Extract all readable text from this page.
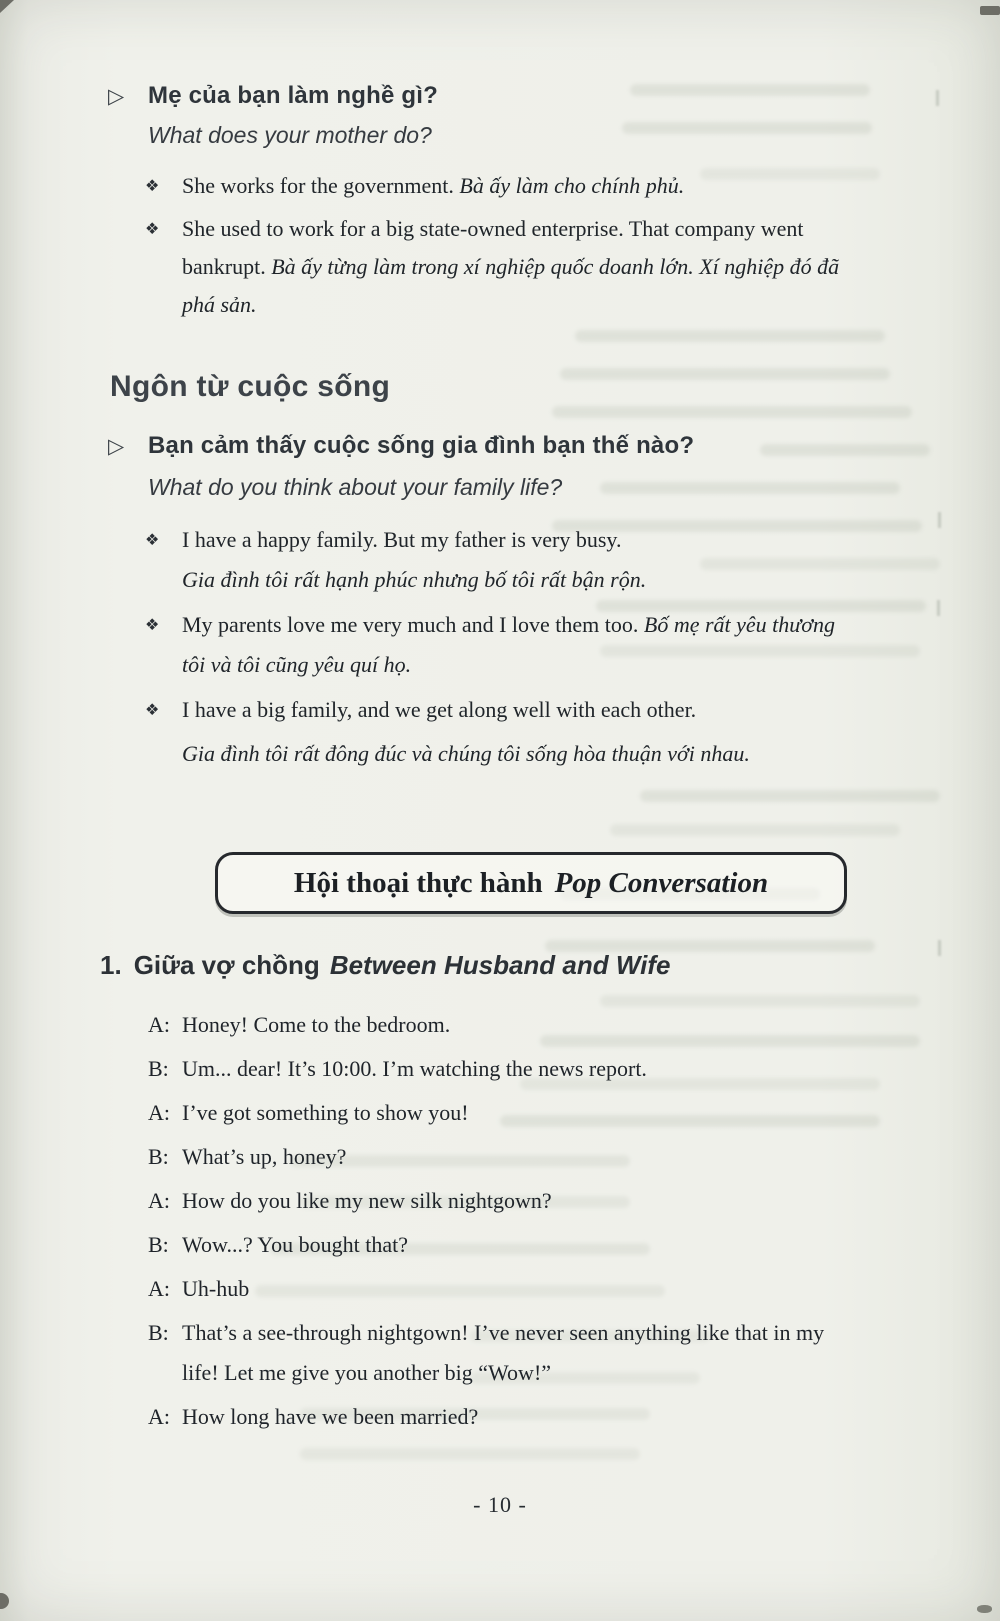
▷ Mẹ của bạn làm nghề gì?
What does your mother do?
❖ She works for the government. Bà ấy làm cho chính phủ.
❖ She used to work for a big state-owned enterprise. That company went
bankrupt. Bà ấy từng làm trong xí nghiệp quốc doanh lớn. Xí nghiệp đó đã
phá sản.
Ngôn từ cuộc sống
▷ Bạn cảm thấy cuộc sống gia đình bạn thế nào?
What do you think about your family life?
❖ I have a happy family. But my father is very busy.
Gia đình tôi rất hạnh phúc nhưng bố tôi rất bận rộn.
❖ My parents love me very much and I love them too. Bố mẹ rất yêu thương
tôi và tôi cũng yêu quí họ.
❖ I have a big family, and we get along well with each other.
Gia đình tôi rất đông đúc và chúng tôi sống hòa thuận với nhau.
Hội thoại thực hành Pop Conversation
1. Giữa vợ chồng Between Husband and Wife
A: Honey! Come to the bedroom.
B: Um... dear! It’s 10:00. I’m watching the news report.
A: I’ve got something to show you!
B: What’s up, honey?
A: How do you like my new silk nightgown?
B: Wow...? You bought that?
A: Uh-hub
B: That’s a see-through nightgown! I’ve never seen anything like that in my
life! Let me give you another big “Wow!”
A: How long have we been married?
- 10 -
